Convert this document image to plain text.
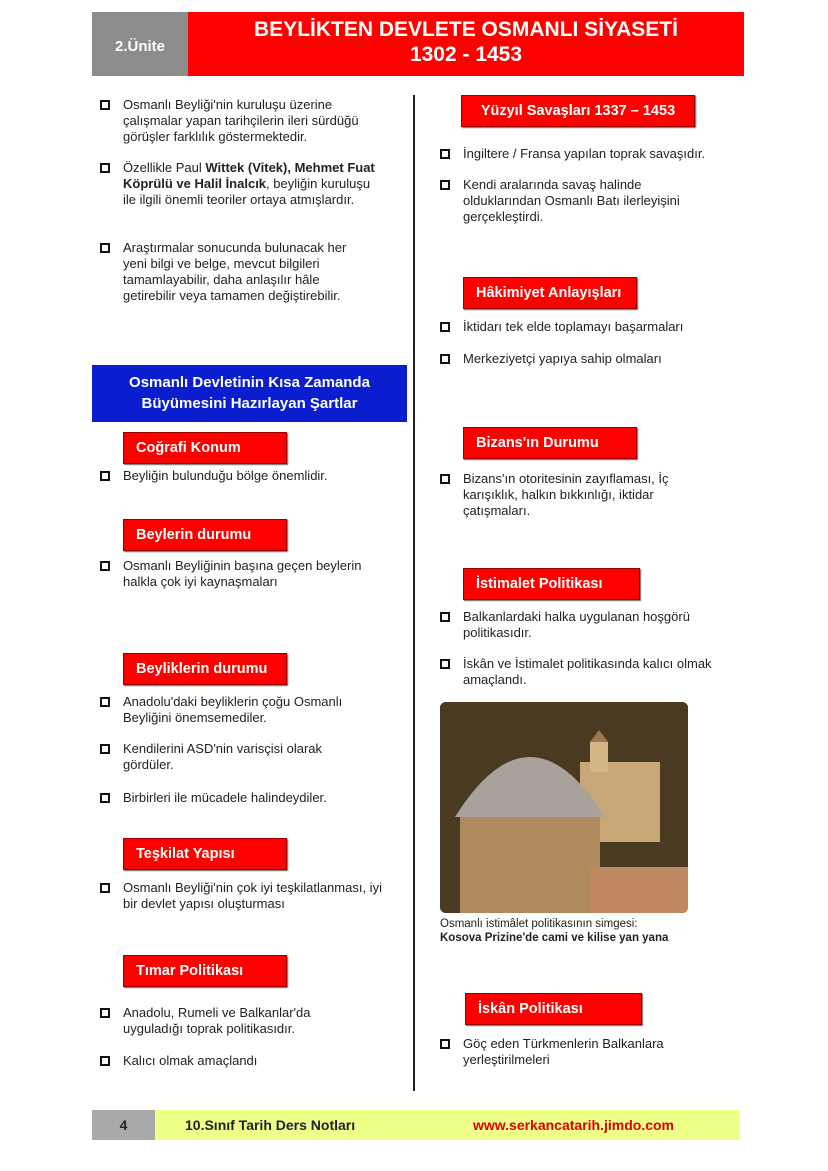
2.Ünite
BEYLİKTEN DEVLETE OSMANLI SİYASETİ
1302 - 1453
Osmanlı Beyliği'nin kuruluşu üzerine çalışmalar yapan tarihçilerin ileri sürdüğü görüşler farklılık göstermektedir.
Özellikle Paul Wittek (Vitek), Mehmet Fuat Köprülü ve Halil İnalcık, beyliğin kuruluşu ile ilgili önemli teoriler ortaya atmışlardır.
Araştırmalar sonucunda bulunacak her yeni bilgi ve belge, mevcut bilgileri tamamlayabilir, daha anlaşılır hâle getirebilir veya tamamen değiştirebilir.
Osmanlı Devletinin Kısa Zamanda Büyümesini Hazırlayan Şartlar
Coğrafi Konum
Beyliğin bulunduğu bölge önemlidir.
Beylerin durumu
Osmanlı Beyliğinin başına geçen beylerin halkla çok iyi kaynaşmaları
Beyliklerin durumu
Anadolu'daki beyliklerin çoğu Osmanlı Beyliğini önemsemediler.
Kendilerini ASD'nin varisçisi olarak gördüler.
Birbirleri ile mücadele halindeydiler.
Teşkilat Yapısı
Osmanlı Beyliği'nin çok iyi teşkilatlanması, iyi bir devlet yapısı oluşturması
Tımar Politikası
Anadolu, Rumeli ve Balkanlar'da uyguladığı toprak politikasıdır.
Kalıcı olmak amaçlandı
Yüzyıl Savaşları 1337 – 1453
İngiltere / Fransa yapılan toprak savaşıdır.
Kendi aralarında savaş halinde olduklarından Osmanlı Batı ilerleyişini gerçekleştirdi.
Hâkimiyet Anlayışları
İktidarı tek elde toplamayı başarmaları
Merkeziyetçi yapıya sahip olmaları
Bizans'ın Durumu
Bizans'ın otoritesinin zayıflaması, İç karışıklık, halkın bıkkınlığı, iktidar çatışmaları.
İstimalet Politikası
Balkanlardaki halka uygulanan hoşgörü politikasıdır.
İskân ve İstimalet politikasında kalıcı olmak amaçlandı.
Osmanlı istimâlet politikasının simgesi:
Kosova Prizine'de cami ve kilise yan yana
İskân Politikası
Göç eden Türkmenlerin Balkanlara yerleştirilmeleri
4	10.Sınıf Tarih Ders Notları	www.serkancatarih.jimdo.com
